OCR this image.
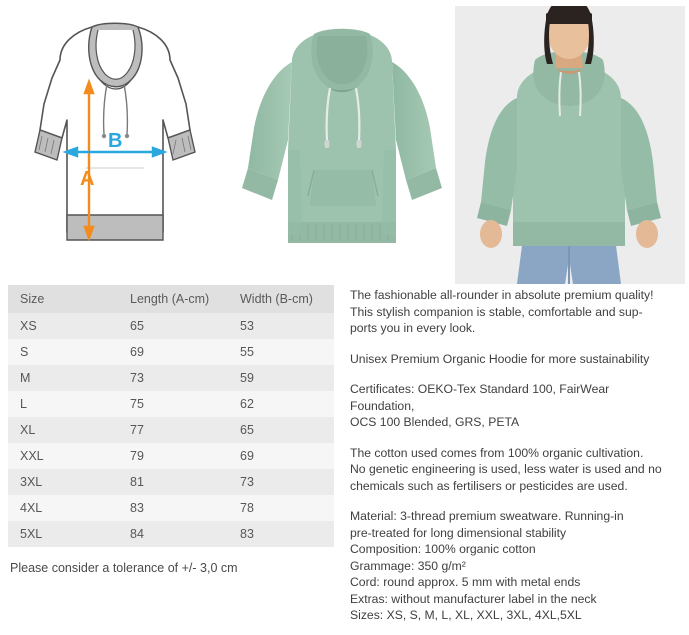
A
B
Size	Length (A-cm)	Width (B-cm)
XS	65	53
S	69	55
M	73	59
L	75	62
XL	77	65
XXL	79	69
3XL	81	73
4XL	83	78
5XL	84	83
Please consider a tolerance of +/- 3,0 cm

The fashionable all-rounder in absolute premium quality!
This stylish companion is stable, comfortable and sup-
ports you in every look.

Unisex Premium Organic Hoodie for more sustainability

Certificates: OEKO-Tex Standard 100, FairWear Foundation,
OCS 100 Blended, GRS, PETA

The cotton used comes from 100% organic cultivation.
No genetic engineering is used, less water is used and no
chemicals such as fertilisers or pesticides are used.

Material: 3-thread premium sweatware. Running-in
pre-treated for long dimensional stability
Composition: 100% organic cotton
Grammage: 350 g/m²
Cord: round approx. 5 mm with metal ends
Extras: without manufacturer label in the neck
Sizes: XS, S, M, L, XL, XXL, 3XL, 4XL,5XL
